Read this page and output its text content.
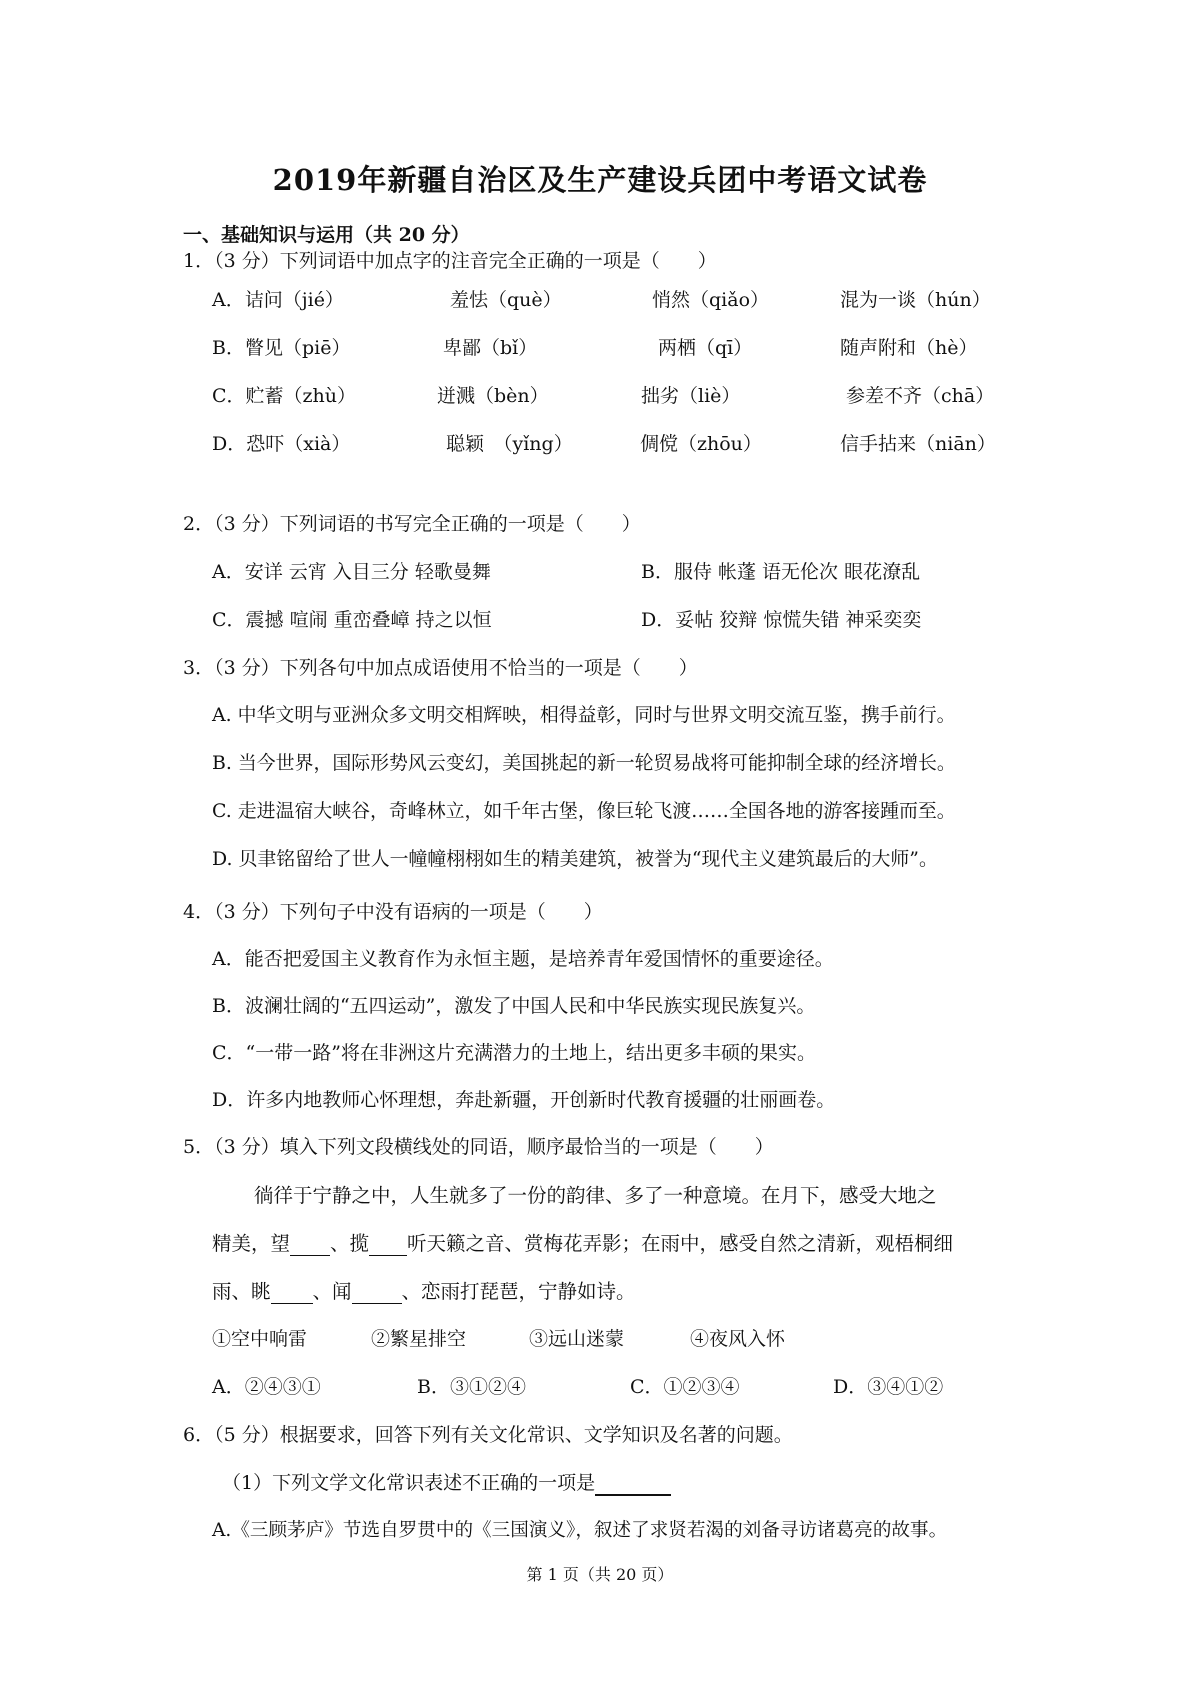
2019年新疆自治区及生产建设兵团中考语文试卷
一、基础知识与运用（共 20 分）
1．（3 分）下列词语中加点字的注音完全正确的一项是（　　）
A．诘问（jié）	羞怯（què）	悄然（qiǎo）	混为一谈（hún）
B．瞥见（piē）	卑鄙（bǐ）	两栖（qī）	随声附和（hè）
C．贮蓄（zhù）	迸溅（bèn）	拙劣（liè）	参差不齐（chā）
D．恐吓（xià）	聪颖　（yǐng）	倜傥（zhōu）	信手拈来（niān）
2．（3 分）下列词语的书写完全正确的一项是（　　）
A．安详 云宵 入目三分 轻歌曼舞	B．服侍 帐蓬 语无伦次 眼花潦乱
C．震撼 喧闹 重峦叠嶂 持之以恒	D．妥帖 狡辩 惊慌失错 神采奕奕
3．（3 分）下列各句中加点成语使用不恰当的一项是（　　）
A. 中华文明与亚洲众多文明交相辉映，相得益彰，同时与世界文明交流互鉴，携手前行。
B. 当今世界，国际形势风云变幻，美国挑起的新一轮贸易战将可能抑制全球的经济增长。
C. 走进温宿大峡谷，奇峰林立，如千年古堡，像巨轮飞渡……全国各地的游客接踵而至。
D. 贝聿铭留给了世人一幢幢栩栩如生的精美建筑，被誉为“现代主义建筑最后的大师”。
4．（3 分）下列句子中没有语病的一项是（　　）
A．能否把爱国主义教育作为永恒主题，是培养青年爱国情怀的重要途径。
B．波澜壮阔的“五四运动”，激发了中国人民和中华民族实现民族复兴。
C．“一带一路”将在非洲这片充满潜力的土地上，结出更多丰硕的果实。
D．许多内地教师心怀理想，奔赴新疆，开创新时代教育援疆的壮丽画卷。
5．（3 分）填入下列文段横线处的同语，顺序最恰当的一项是（　　）
徜徉于宁静之中，人生就多了一份的韵律、多了一种意境。在月下，感受大地之
精美，望 、揽 听天籁之音、赏梅花弄影；在雨中，感受自然之清新，观梧桐细
雨、眺 、闻	、恋雨打琵琶，宁静如诗。
①空中响雷	②繁星排空	③远山迷蒙	④夜风入怀
A．②④③①	B．③①②④	C．①②③④	D．③④①②
6．（5 分）根据要求，回答下列有关文化常识、文学知识及名著的问题。
（1）下列文学文化常识表述不正确的一项是
A.《三顾茅庐》节选自罗贯中的《三国演义》，叙述了求贤若渴的刘备寻访诸葛亮的故事。
第 1 页（共 20 页）
